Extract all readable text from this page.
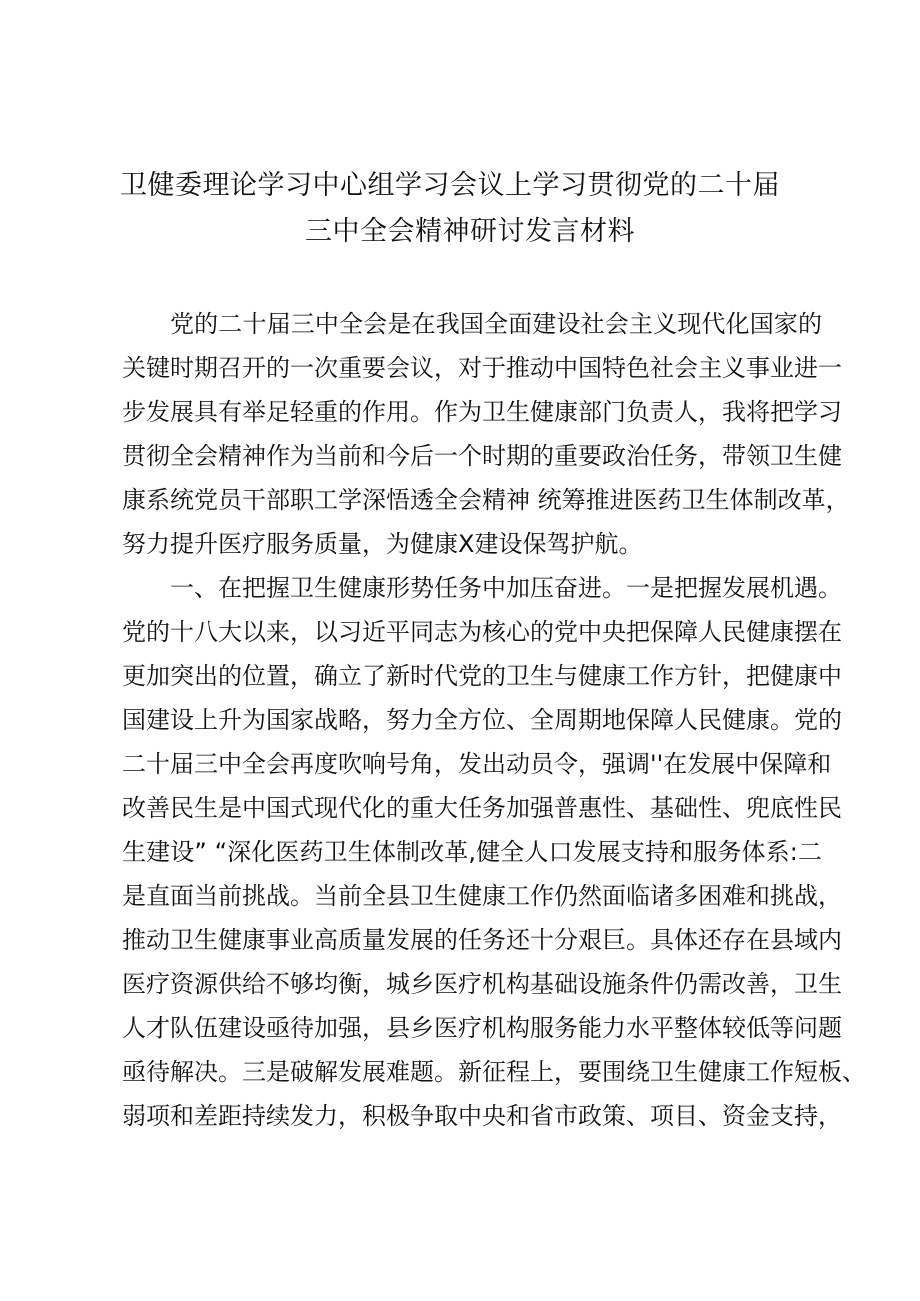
卫健委理论学习中心组学习会议上学习贯彻党的二十届
三中全会精神研讨发言材料
党的二十届三中全会是在我国全面建设社会主义现代化国家的
关键时期召开的一次重要会议，对于推动中国特色社会主义事业进一
步发展具有举足轻重的作用。作为卫生健康部门负责人，我将把学习
贯彻全会精神作为当前和今后一个时期的重要政治任务，带领卫生健
康系统党员干部职工学深悟透全会精神 统筹推进医药卫生体制改革，
努力提升医疗服务质量，为健康X建设保驾护航。
一、在把握卫生健康形势任务中加压奋进。一是把握发展机遇。
党的十八大以来，以习近平同志为核心的党中央把保障人民健康摆在
更加突出的位置，确立了新时代党的卫生与健康工作方针，把健康中
国建设上升为国家战略，努力全方位、全周期地保障人民健康。党的
二十届三中全会再度吹响号角，发出动员令，强调''在发展中保障和
改善民生是中国式现代化的重大任务加强普惠性、基础性、兜底性民
生建设” “深化医药卫生体制改革,健全人口发展支持和服务体系:二
是直面当前挑战。当前全县卫生健康工作仍然面临诸多困难和挑战，
推动卫生健康事业高质量发展的任务还十分艰巨。具体还存在县域内
医疗资源供给不够均衡，城乡医疗机构基础设施条件仍需改善，卫生
人才队伍建设亟待加强，县乡医疗机构服务能力水平整体较低等问题
亟待解决。三是破解发展难题。新征程上，要围绕卫生健康工作短板、
弱项和差距持续发力，积极争取中央和省市政策、项目、资金支持，
